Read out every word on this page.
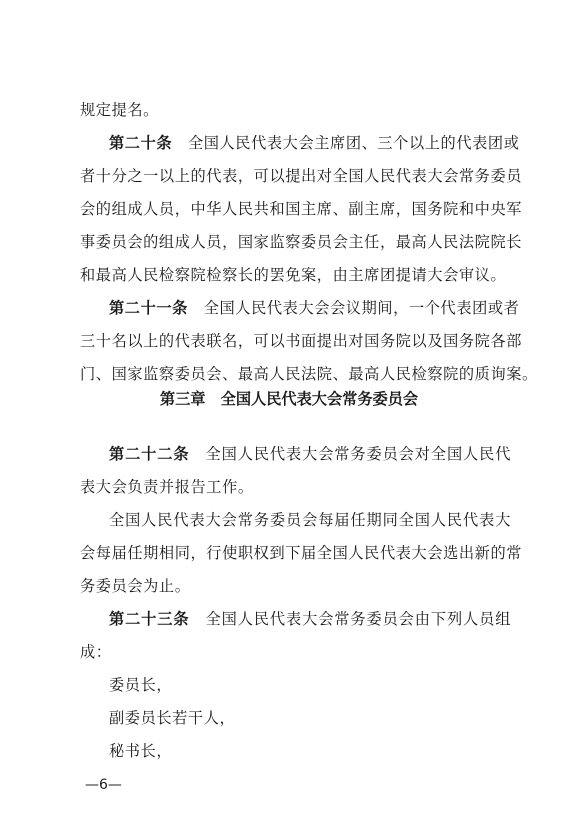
规定提名。
第二十条　全国人民代表大会主席团、三个以上的代表团或
者十分之一以上的代表，可以提出对全国人民代表大会常务委员
会的组成人员，中华人民共和国主席、副主席，国务院和中央军
事委员会的组成人员，国家监察委员会主任，最高人民法院院长
和最高人民检察院检察长的罢免案，由主席团提请大会审议。
第二十一条　全国人民代表大会会议期间，一个代表团或者
三十名以上的代表联名，可以书面提出对国务院以及国务院各部
门、国家监察委员会、最高人民法院、最高人民检察院的质询案。
第三章　全国人民代表大会常务委员会
第二十二条　全国人民代表大会常务委员会对全国人民代
表大会负责并报告工作。
全国人民代表大会常务委员会每届任期同全国人民代表大
会每届任期相同，行使职权到下届全国人民代表大会选出新的常
务委员会为止。
第二十三条　全国人民代表大会常务委员会由下列人员组
成：
委员长，
副委员长若干人，
秘书长，
—6—
